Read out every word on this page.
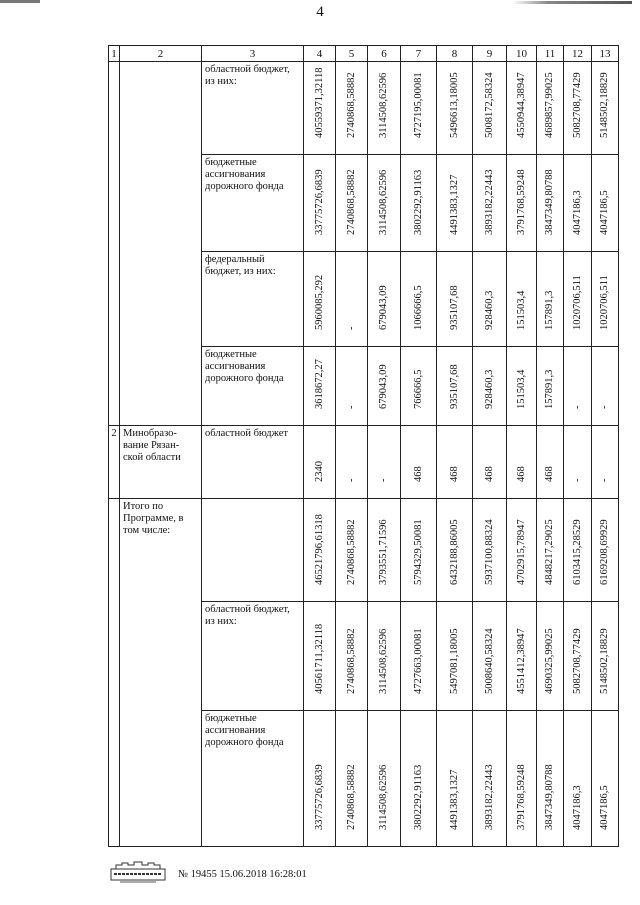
4
1	2	3	4	5	6	7	8	9	10	11	12	13
		областной бюджет, из них:	40559371,32118	2740868,58882	3114508,62596	4727195,00081	5496613,18005	5008172,58324	4550944,38947	4689857,99025	5082708,77429	5148502,18829

		бюджетные ассигнования дорожного фонда	33775726,6839	2740868,58882	3114508,62596	3802292,91163	4491383,1327	3893182,22443	3791768,59248	3847349,80788	4047186,3	4047186,5

		федеральный бюджет, из них:	5960085,292	-	679043,09	1066666,5	935107,68	928460,3	151503,4	157891,3	1020706,511	1020706,511

		бюджетные ассигнования дорожного фонда	3618672,27	-	679043,09	766666,5	935107,68	928460,3	151503,4	157891,3	-	-

2	Минобразо- вание Рязан- ской области	областной бюджет	2340	-	-	468	468	468	468	468	-	-

	Итого по Программе, в том числе:		46521796,61318	2740868,58882	3793551,71596	5794329,50081	6432188,86005	5937100,88324	4702915,78947	4848217,29025	6103415,28529	6169208,69929

		областной бюджет, из них:	40561711,32118	2740868,58882	3114508,62596	4727663,00081	5497081,18005	5008640,58324	4551412,38947	4690325,99025	5082708,77429	5148502,18829

		бюджетные ассигнования дорожного фонда	33775726,6839	2740868,58882	3114508,62596	3802292,91163	4491383,1327	3893182,22443	3791768,59248	3847349,80788	4047186,3	4047186,5
№ 19455 15.06.2018 16:28:01
